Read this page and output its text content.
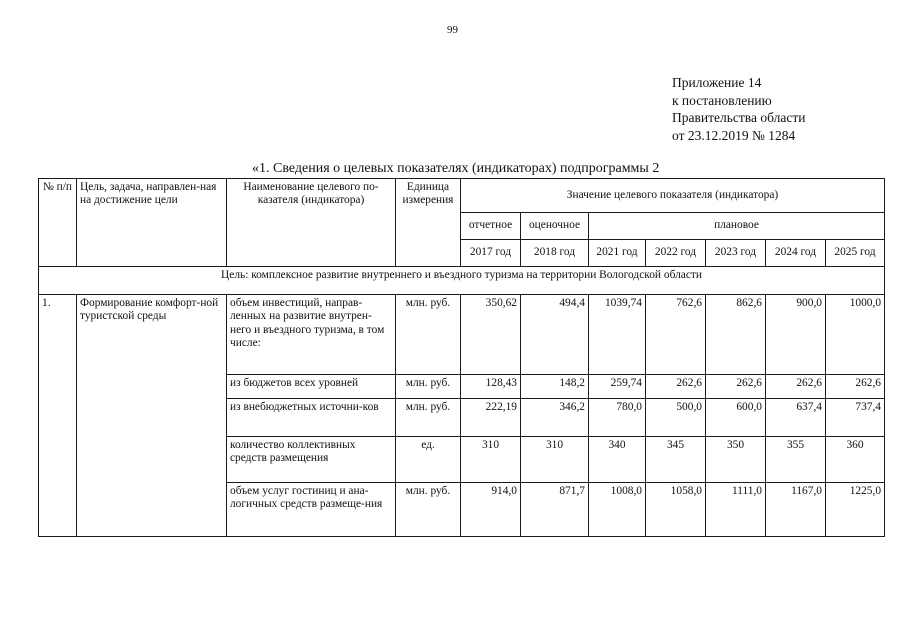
99
Приложение 14
к постановлению
Правительства области
от 23.12.2019 № 1284
«1. Сведения о целевых показателях (индикаторах) подпрограммы 2
№ п/п	Цель, задача, направлен-ная на достижение цели	Наименование целевого по-казателя (индикатора)	Единица измерения	Значение целевого показателя (индикатора)						
				отчетное	оценочное	плановое				
				2017 год	2018 год	2021 год	2022 год	2023 год	2024 год	2025 год
Цель: комплексное развитие внутреннего и въездного туризма на территории Вологодской области										
1.	Формирование комфорт-ной туристской среды	объем инвестиций, направ-ленных на развитие внутрен-него и въездного туризма, в том числе:	млн. руб.	350,62	494,4	1039,74	762,6	862,6	900,0	1000,0
		из бюджетов всех уровней	млн. руб.	128,43	148,2	259,74	262,6	262,6	262,6	262,6
		из внебюджетных источни-ков	млн. руб.	222,19	346,2	780,0	500,0	600,0	637,4	737,4
		количество коллективных средств размещения	ед.	310	310	340	345	350	355	360
		объем услуг гостиниц и ана-логичных средств размеще-ния	млн. руб.	914,0	871,7	1008,0	1058,0	1111,0	1167,0	1225,0
